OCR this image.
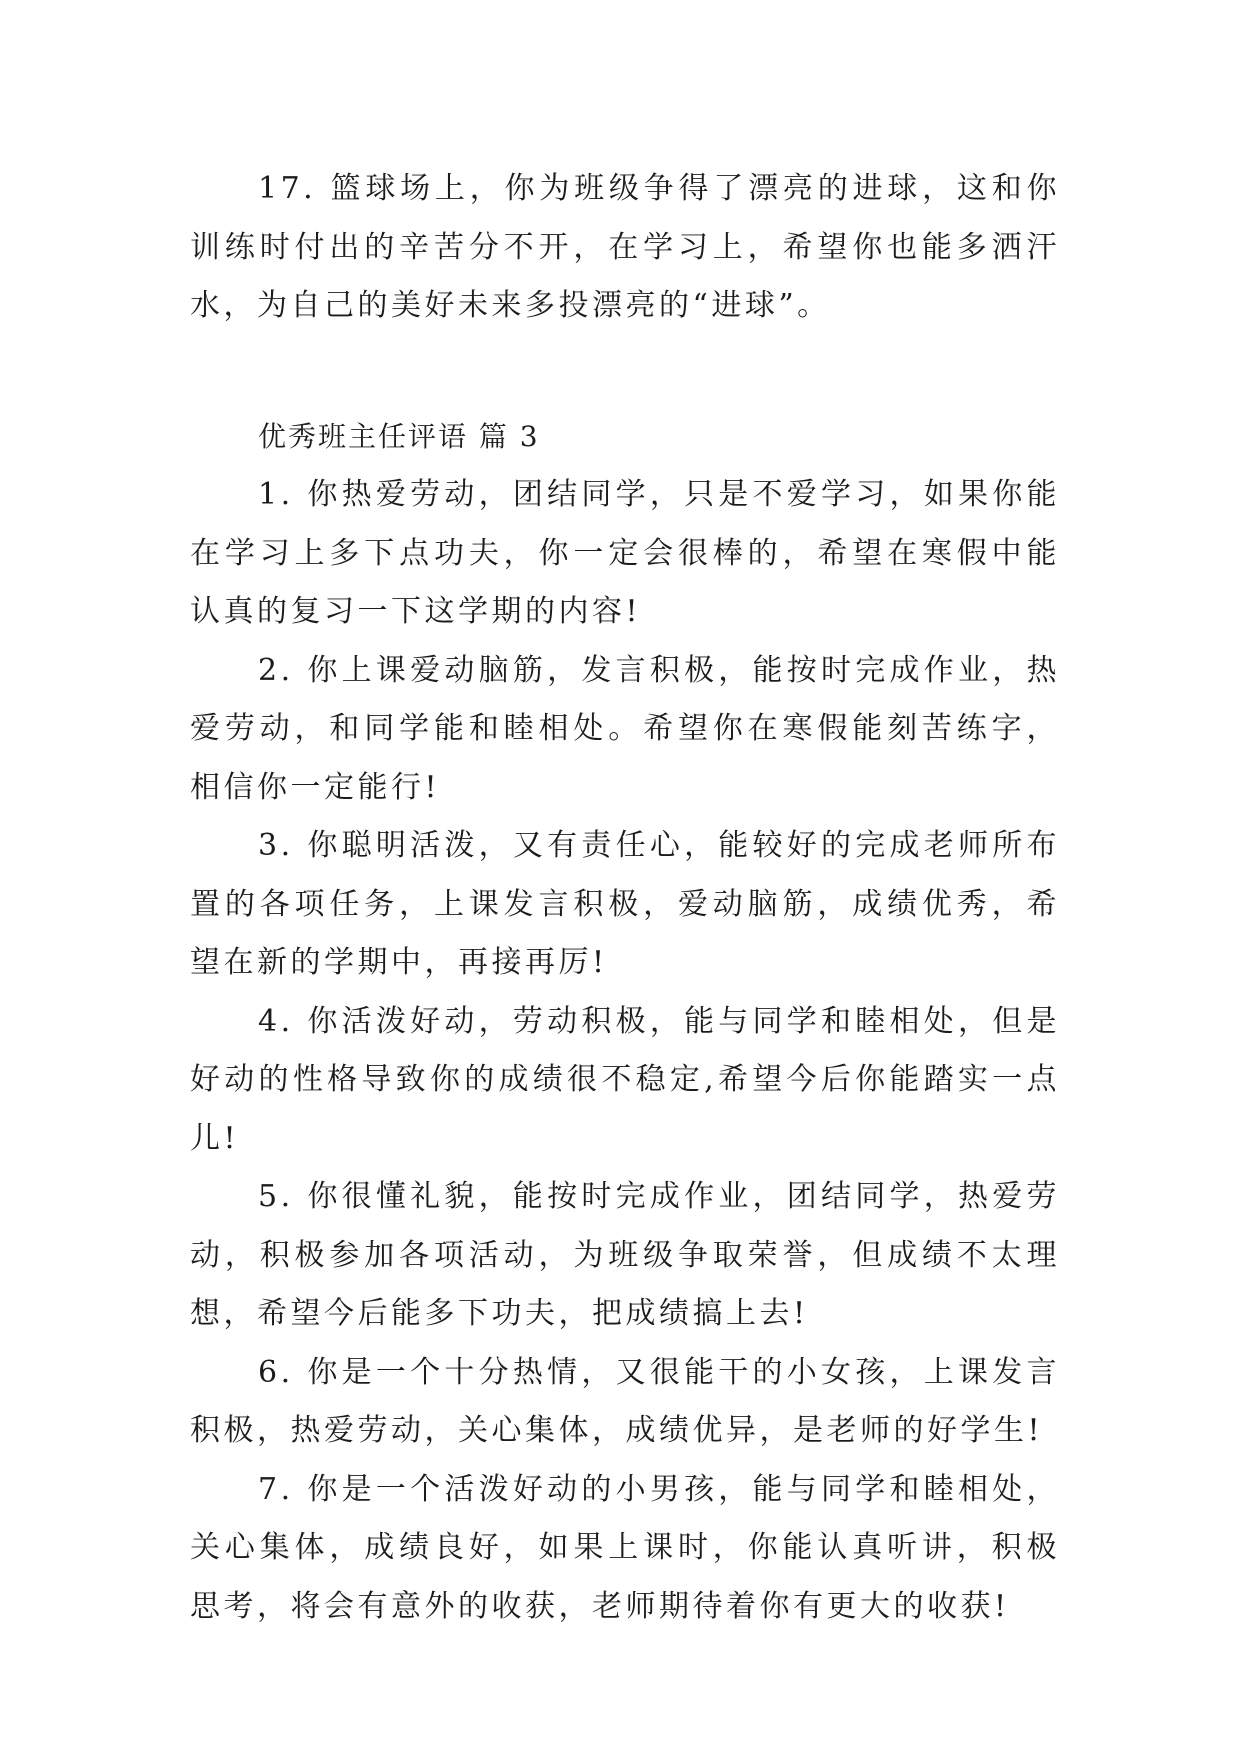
17. 篮球场上，你为班级争得了漂亮的进球，这和你训练时付出的辛苦分不开，在学习上，希望你也能多洒汗水，为自己的美好未来多投漂亮的“进球”。

优秀班主任评语 篇 3

1. 你热爱劳动，团结同学，只是不爱学习，如果你能在学习上多下点功夫，你一定会很棒的，希望在寒假中能认真的复习一下这学期的内容!

2. 你上课爱动脑筋，发言积极，能按时完成作业，热爱劳动，和同学能和睦相处。希望你在寒假能刻苦练字，相信你一定能行!

3. 你聪明活泼，又有责任心，能较好的完成老师所布置的各项任务，上课发言积极，爱动脑筋，成绩优秀，希望在新的学期中，再接再厉!

4. 你活泼好动，劳动积极，能与同学和睦相处，但是好动的性格导致你的成绩很不稳定,希望今后你能踏实一点儿!

5. 你很懂礼貌，能按时完成作业，团结同学，热爱劳动，积极参加各项活动，为班级争取荣誉，但成绩不太理想，希望今后能多下功夫，把成绩搞上去!

6. 你是一个十分热情，又很能干的小女孩，上课发言积极，热爱劳动，关心集体，成绩优异，是老师的好学生!

7. 你是一个活泼好动的小男孩，能与同学和睦相处，关心集体，成绩良好，如果上课时，你能认真听讲，积极思考，将会有意外的收获，老师期待着你有更大的收获!
